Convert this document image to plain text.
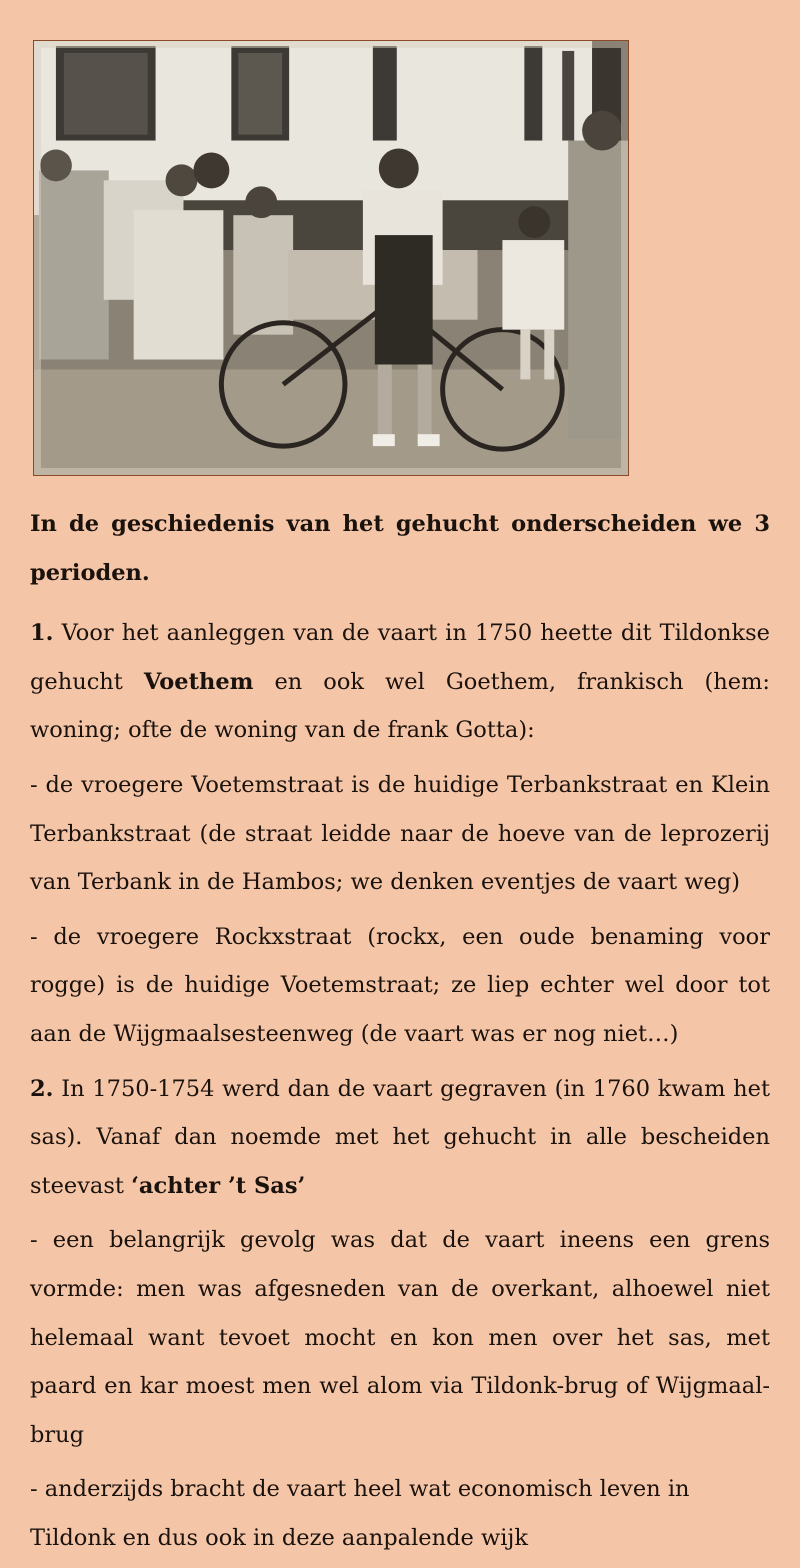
In de geschiedenis van het gehucht onderscheiden we 3 perioden.

1. Voor het aanleggen van de vaart in 1750 heette dit Tildonkse gehucht Voethem en ook wel Goethem, frankisch (hem: woning; ofte de woning van de frank Gotta):

- de vroegere Voetemstraat is de huidige Terbankstraat en Klein Terbankstraat (de straat leidde naar de hoeve van de leprozerij van Terbank in de Hambos; we denken eventjes de vaart weg)

- de vroegere Rockxstraat (rockx, een oude benaming voor rogge) is de huidige Voetemstraat; ze liep echter wel door tot aan de Wijgmaalsesteenweg (de vaart was er nog niet…)

2. In 1750-1754 werd dan de vaart gegraven (in 1760 kwam het sas). Vanaf dan noemde met het gehucht in alle bescheiden steevast ‘achter ’t Sas’

- een belangrijk gevolg was dat de vaart ineens een grens vormde: men was afgesneden van de overkant, alhoewel niet helemaal want tevoet mocht en kon men over het sas, met paard en kar moest men wel alom via Tildonk-brug of Wijgmaal-brug

- anderzijds bracht de vaart heel wat economisch leven in Tildonk en dus ook in deze aanpalende wijk
